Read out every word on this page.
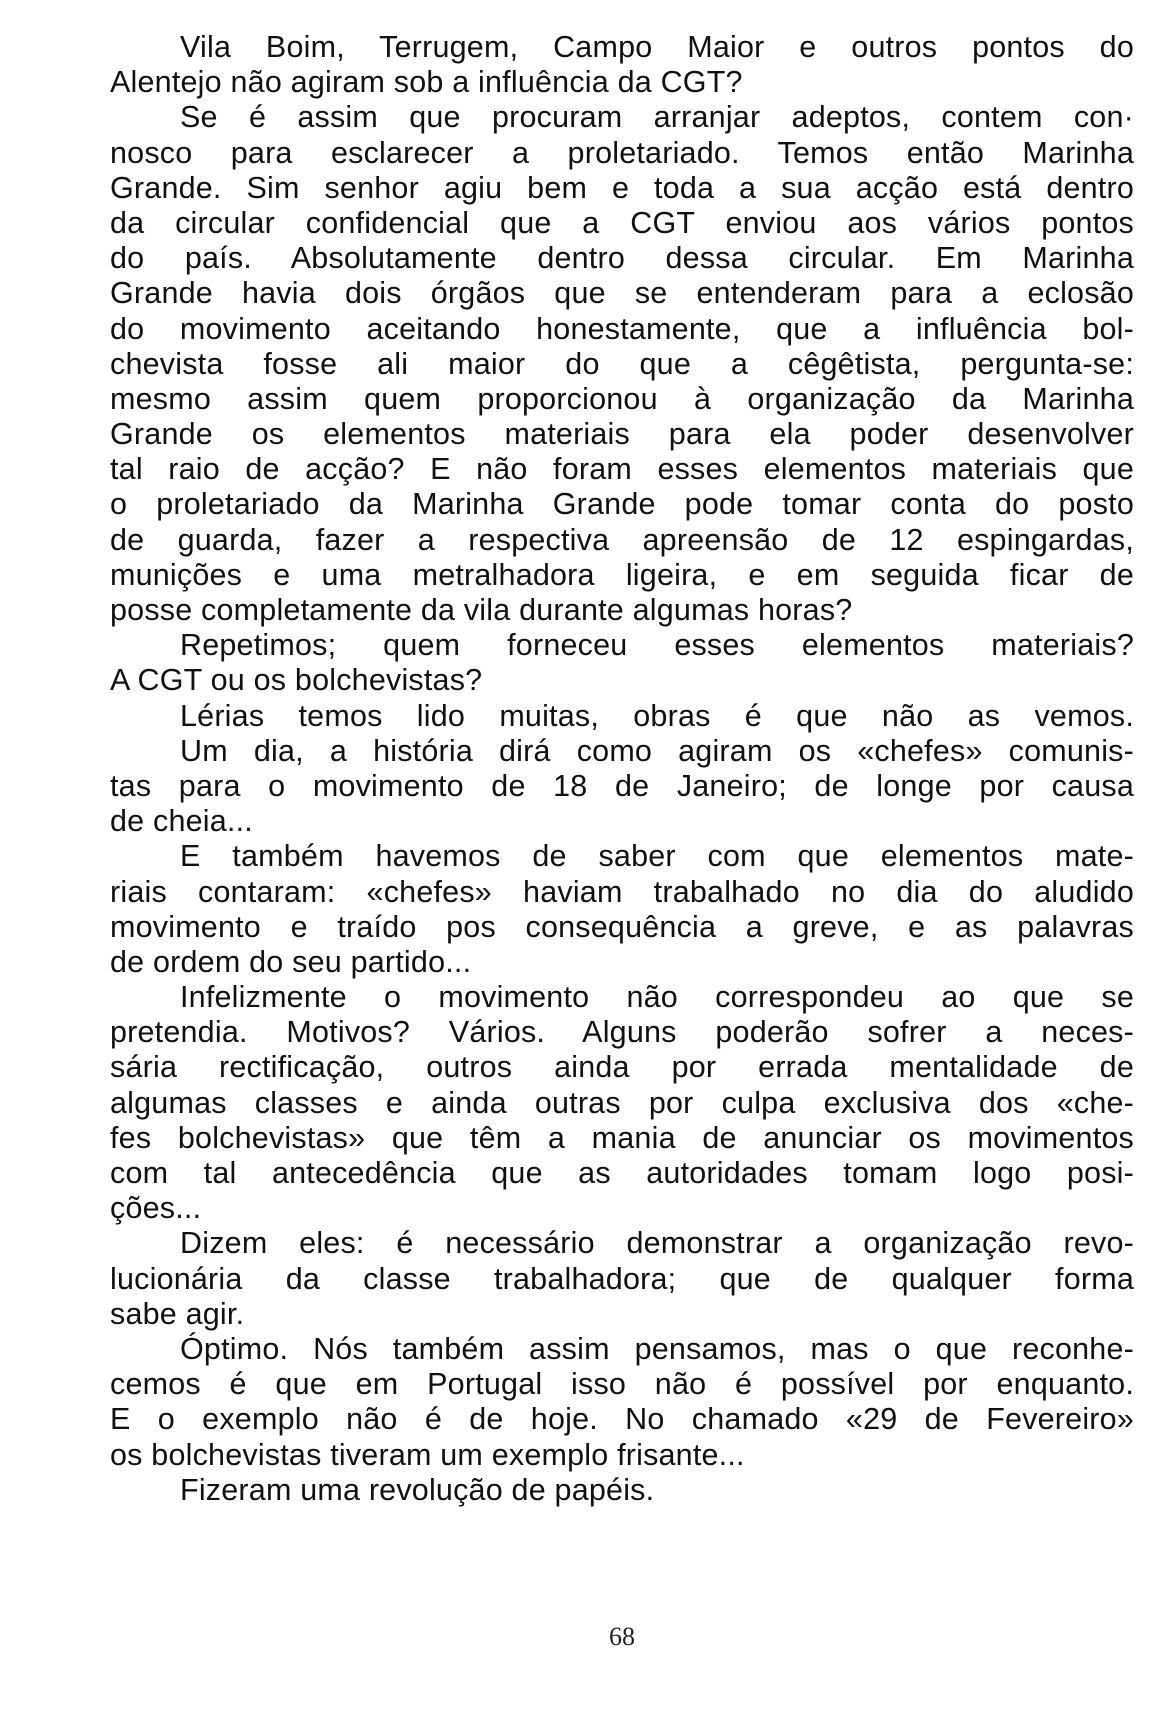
Vila Boim, Terrugem, Campo Maior e outros pontos do
Alentejo não agiram sob a influência da CGT?
Se é assim que procuram arranjar adeptos, contem con·
nosco para esclarecer a proletariado. Temos então Marinha
Grande. Sim senhor agiu bem e toda a sua acção está dentro
da circular confidencial que a CGT enviou aos vários pontos
do país. Absolutamente dentro dessa circular. Em Marinha
Grande havia dois órgãos que se entenderam para a eclosão
do movimento aceitando honestamente, que a influência bol-
chevista fosse ali maior do que a cêgêtista, pergunta-se:
mesmo assim quem proporcionou à organização da Marinha
Grande os elementos materiais para ela poder desenvolver
tal raio de acção? E não foram esses elementos materiais que
o proletariado da Marinha Grande pode tomar conta do posto
de guarda, fazer a respectiva apreensão de 12 espingardas,
munições e uma metralhadora ligeira, e em seguida ficar de
posse completamente da vila durante algumas horas?
Repetimos; quem forneceu esses elementos materiais?
A CGT ou os bolchevistas?
Lérias temos lido muitas, obras é que não as vemos.
Um dia, a história dirá como agiram os «chefes» comunis-
tas para o movimento de 18 de Janeiro; de longe por causa
de cheia...
E também havemos de saber com que elementos mate-
riais contaram: «chefes» haviam trabalhado no dia do aludido
movimento e traído pos consequência a greve, e as palavras
de ordem do seu partido...
Infelizmente o movimento não correspondeu ao que se
pretendia. Motivos? Vários. Alguns poderão sofrer a neces-
sária rectificação, outros ainda por errada mentalidade de
algumas classes e ainda outras por culpa exclusiva dos «che-
fes bolchevistas» que têm a mania de anunciar os movimentos
com tal antecedência que as autoridades tomam logo posi-
ções...
Dizem eles: é necessário demonstrar a organização revo-
lucionária da classe trabalhadora; que de qualquer forma
sabe agir.
Óptimo. Nós também assim pensamos, mas o que reconhe-
cemos é que em Portugal isso não é possível por enquanto.
E o exemplo não é de hoje. No chamado «29 de Fevereiro»
os bolchevistas tiveram um exemplo frisante...
Fizeram uma revolução de papéis.
68
